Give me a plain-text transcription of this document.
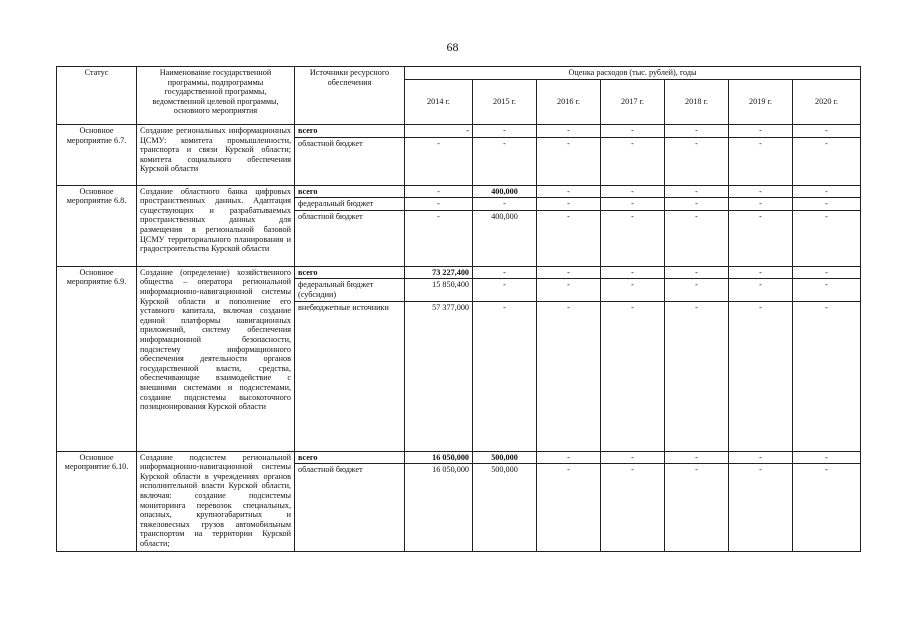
68
Статус	Наименование государственной программы, подпрограммы государственной программы, ведомственной целевой программы, основного мероприятия	Источники ресурсного обеспечения	Оценка расходов (тыс. рублей), годы						
			2014 г.	2015 г.	2016 г.	2017 г.	2018 г.	2019 г.	2020 г.
Основное мероприятие 6.7.	Создание региональных информационных ЦСМУ: комитета промышленности, транспорта и связи Курской области; комитета социального обеспечения Курской области	всего	-	-	-	-	-	-	-
		областной бюджет	-	-	-	-	-	-	-
Основное мероприятие 6.8.	Создание областного банка цифровых пространственных данных. Адаптация существующих и разрабатываемых пространственных данных для размещения в региональной базовой ЦСМУ территориального планирования и градостроительства Курской области	всего	-	400,000	-	-	-	-	-
		федеральный бюджет	-	-	-	-	-	-	-
		областной бюджет	-	400,000	-	-	-	-	-
Основное мероприятие 6.9.	Создание (определение) хозяйственного общества – оператора региональной информационно-навигационной системы Курской области и пополнение его уставного капитала, включая создание единой платформы навигационных приложений, систему обеспечения информационной безопасности, подсистему информационного обеспечения деятельности органов государственной власти, средства, обеспечивающие взаимодействие с внешними системами и подсистемами, создание подсистемы высокоточного позиционирования Курской области	всего	73 227,400	-	-	-	-	-	-
		федеральный бюджет (субсидии)	15 850,400	-	-	-	-	-	-
		внебюджетные источники	57 377,000	-	-	-	-	-	-
Основное мероприятие 6.10.	Создание подсистем региональной информационно-навигационной системы Курской области в учреждениях органов исполнительной власти Курской области, включая: создание подсистемы мониторинга перевозок специальных, опасных, крупногабаритных и тяжеловесных грузов автомобильным транспортом на территории Курской области;	всего	16 050,000	500,000	-	-	-	-	-
		областной бюджет	16 050,000	500,000	-	-	-	-	-
